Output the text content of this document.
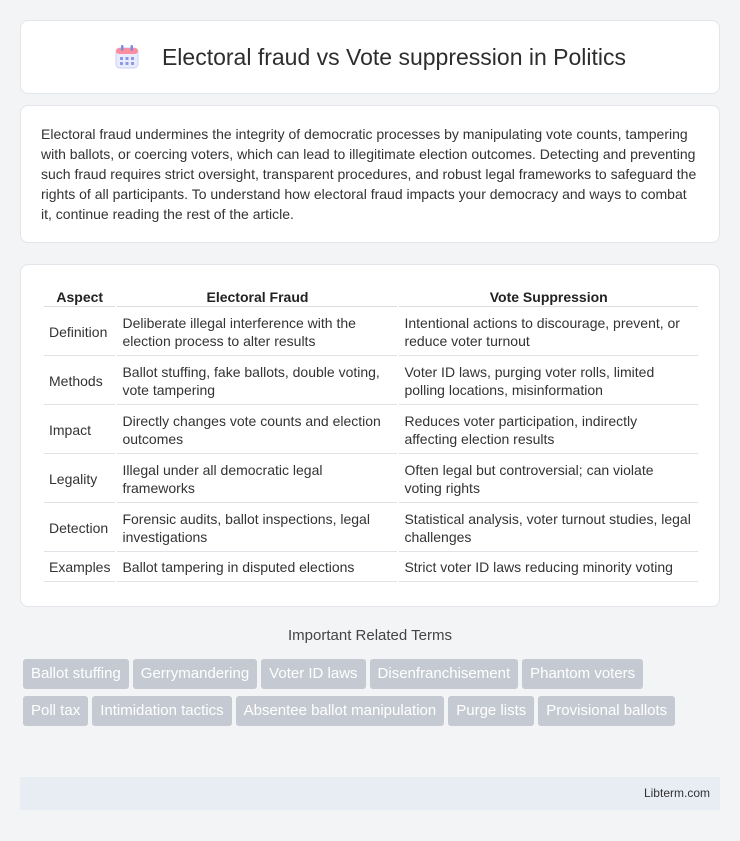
Electoral fraud vs Vote suppression in Politics

Electoral fraud undermines the integrity of democratic processes by manipulating vote counts, tampering with ballots, or coercing voters, which can lead to illegitimate election outcomes. Detecting and preventing such fraud requires strict oversight, transparent procedures, and robust legal frameworks to safeguard the rights of all participants. To understand how electoral fraud impacts your democracy and ways to combat it, continue reading the rest of the article.

Aspect	Electoral Fraud	Vote Suppression
Definition	Deliberate illegal interference with the election process to alter results	Intentional actions to discourage, prevent, or reduce voter turnout
Methods	Ballot stuffing, fake ballots, double voting, vote tampering	Voter ID laws, purging voter rolls, limited polling locations, misinformation
Impact	Directly changes vote counts and election outcomes	Reduces voter participation, indirectly affecting election results
Legality	Illegal under all democratic legal frameworks	Often legal but controversial; can violate voting rights
Detection	Forensic audits, ballot inspections, legal investigations	Statistical analysis, voter turnout studies, legal challenges
Examples	Ballot tampering in disputed elections	Strict voter ID laws reducing minority voting
Important Related Terms
Ballot stuffing Gerrymandering Voter ID laws Disenfranchisement Phantom votersPoll tax Intimidation tactics Absentee ballot manipulation Purge lists Provisional ballots
Libterm.com
